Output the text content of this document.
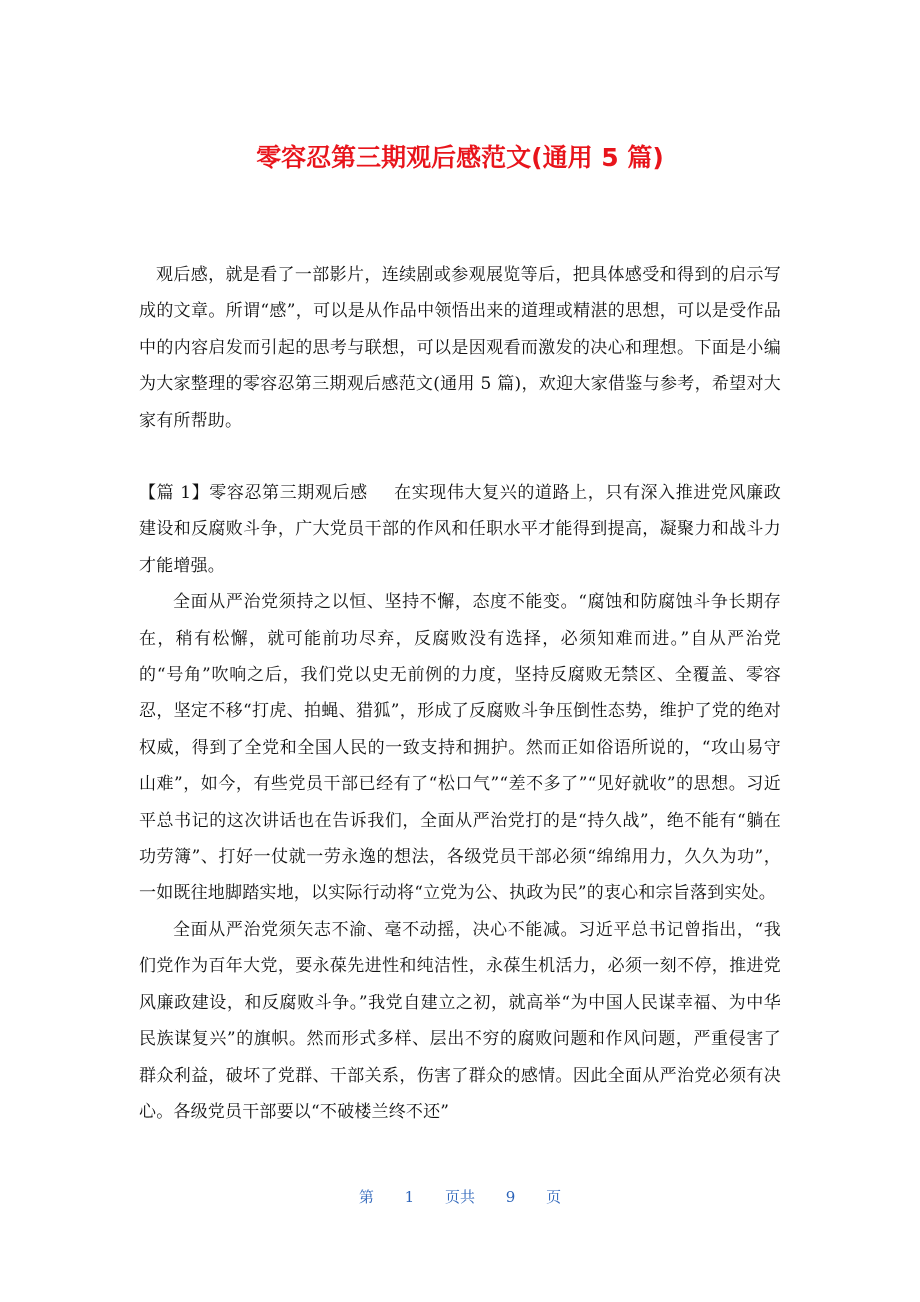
零容忍第三期观后感范文(通用 5 篇)

观后感，就是看了一部影片，连续剧或参观展览等后，把具体感受和得到的启示写成的文章。所谓“感”，可以是从作品中领悟出来的道理或精湛的思想，可以是受作品中的内容启发而引起的思考与联想，可以是因观看而激发的决心和理想。下面是小编为大家整理的零容忍第三期观后感范文(通用 5 篇)，欢迎大家借鉴与参考，希望对大家有所帮助。

【篇 1】零容忍第三期观后感 在实现伟大复兴的道路上，只有深入推进党风廉政建设和反腐败斗争，广大党员干部的作风和任职水平才能得到提高，凝聚力和战斗力才能增强。

全面从严治党须持之以恒、坚持不懈，态度不能变。“腐蚀和防腐蚀斗争长期存在，稍有松懈，就可能前功尽弃，反腐败没有选择，必须知难而进。”自从严治党的“号角”吹响之后，我们党以史无前例的力度，坚持反腐败无禁区、全覆盖、零容忍，坚定不移“打虎、拍蝇、猎狐”，形成了反腐败斗争压倒性态势，维护了党的绝对权威，得到了全党和全国人民的一致支持和拥护。然而正如俗语所说的，“攻山易守山难”，如今，有些党员干部已经有了“松口气”“差不多了”“见好就收”的思想。习近平总书记的这次讲话也在告诉我们，全面从严治党打的是“持久战”，绝不能有“躺在功劳簿”、打好一仗就一劳永逸的想法，各级党员干部必须“绵绵用力，久久为功”，一如既往地脚踏实地，以实际行动将“立党为公、执政为民”的衷心和宗旨落到实处。

全面从严治党须矢志不渝、毫不动摇，决心不能减。习近平总书记曾指出，“我们党作为百年大党，要永葆先进性和纯洁性，永葆生机活力，必须一刻不停，推进党风廉政建设，和反腐败斗争。”我党自建立之初，就高举“为中国人民谋幸福、为中华民族谋复兴”的旗帜。然而形式多样、层出不穷的腐败问题和作风问题，严重侵害了群众利益，破坏了党群、干部关系，伤害了群众的感情。因此全面从严治党必须有决心。各级党员干部要以“不破楼兰终不还”

第 1 页共 9 页
